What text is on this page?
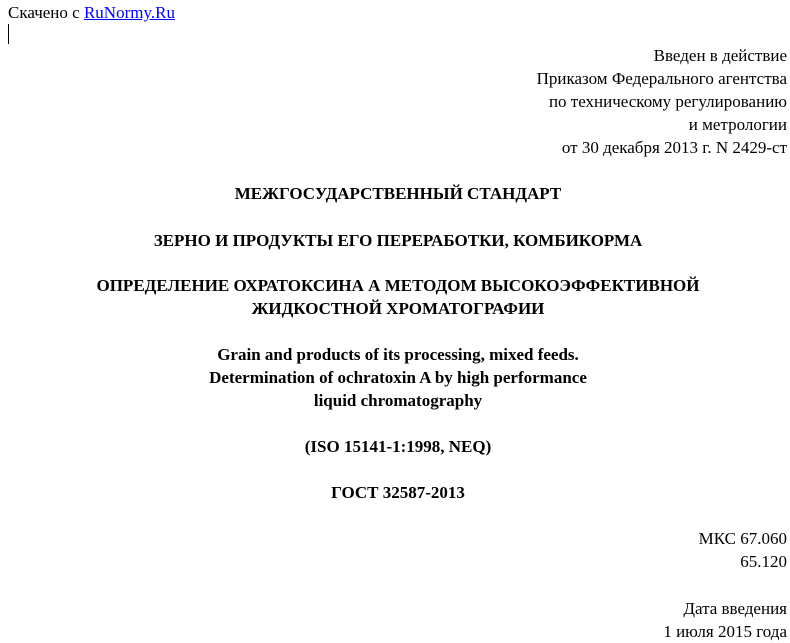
Скачено с RuNormy.Ru
Введен в действие
Приказом Федерального агентства
по техническому регулированию
и метрологии
от 30 декабря 2013 г. N 2429-ст
МЕЖГОСУДАРСТВЕННЫЙ СТАНДАРТ
ЗЕРНО И ПРОДУКТЫ ЕГО ПЕРЕРАБОТКИ, КОМБИКОРМА
ОПРЕДЕЛЕНИЕ ОХРАТОКСИНА А МЕТОДОМ ВЫСОКОЭФФЕКТИВНОЙ
ЖИДКОСТНОЙ ХРОМАТОГРАФИИ
Grain and products of its processing, mixed feeds.
Determination of ochratoxin A by high performance
liquid chromatography
(ISO 15141-1:1998, NEQ)
ГОСТ 32587-2013
МКС 67.060
65.120
Дата введения
1 июля 2015 года
